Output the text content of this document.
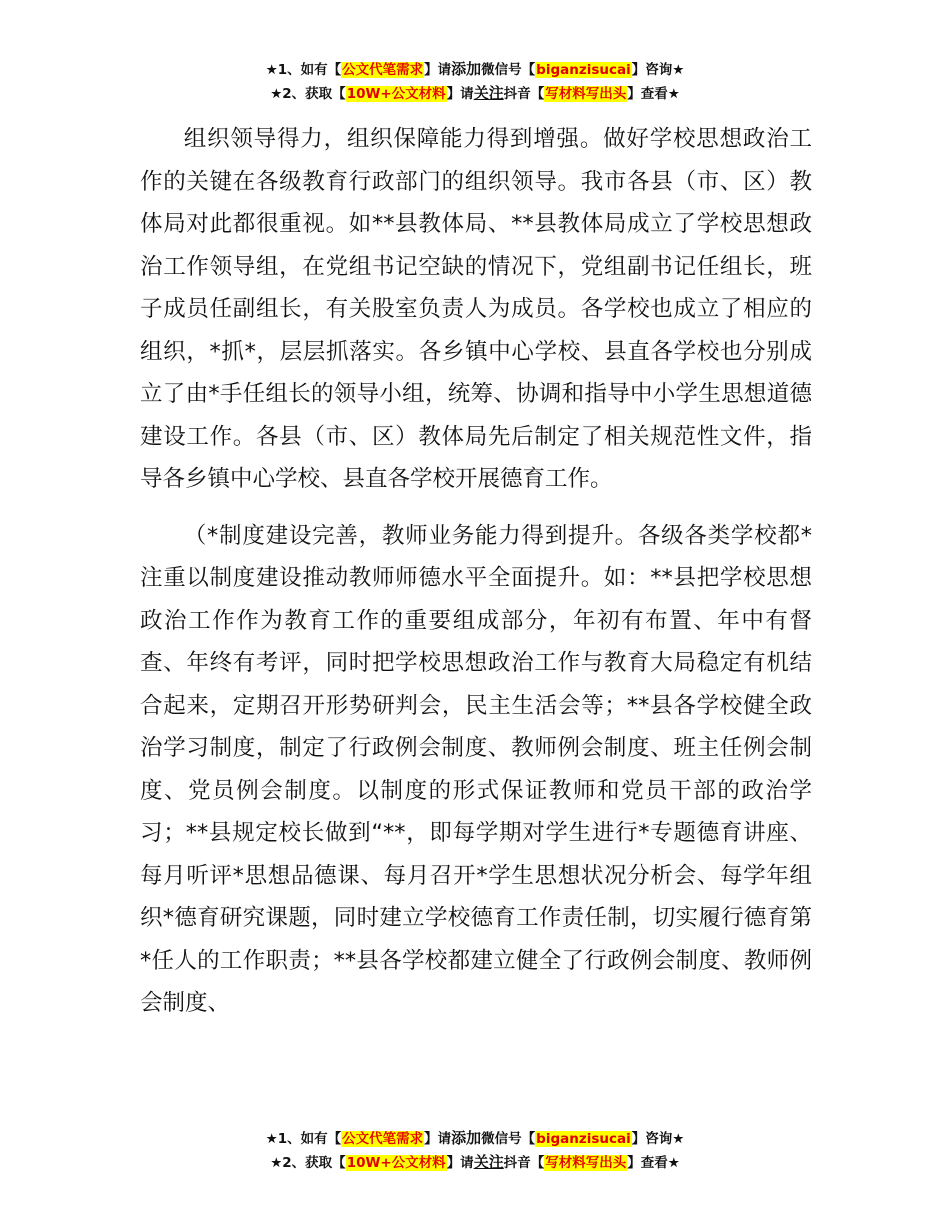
★1、如有【公文代笔需求】请添加微信号【biganzisucai】咨询★
★2、获取【10W+公文材料】请关注抖音【写材料写出头】查看★

组织领导得力，组织保障能力得到增强。做好学校思想政治工作的关键在各级教育行政部门的组织领导。我市各县（市、区）教体局对此都很重视。如**县教体局、**县教体局成立了学校思想政治工作领导组，在党组书记空缺的情况下，党组副书记任组长，班子成员任副组长，有关股室负责人为成员。各学校也成立了相应的组织，*抓*，层层抓落实。各乡镇中心学校、县直各学校也分别成立了由*手任组长的领导小组，统筹、协调和指导中小学生思想道德建设工作。各县（市、区）教体局先后制定了相关规范性文件，指导各乡镇中心学校、县直各学校开展德育工作。

（*制度建设完善，教师业务能力得到提升。各级各类学校都*注重以制度建设推动教师师德水平全面提升。如：**县把学校思想政治工作作为教育工作的重要组成部分，年初有布置、年中有督查、年终有考评，同时把学校思想政治工作与教育大局稳定有机结合起来，定期召开形势研判会，民主生活会等；**县各学校健全政治学习制度，制定了行政例会制度、教师例会制度、班主任例会制度、党员例会制度。以制度的形式保证教师和党员干部的政治学习；**县规定校长做到“**，即每学期对学生进行*专题德育讲座、每月听评*思想品德课、每月召开*学生思想状况分析会、每学年组织*德育研究课题，同时建立学校德育工作责任制，切实履行德育第*任人的工作职责；**县各学校都建立健全了行政例会制度、教师例会制度、

★1、如有【公文代笔需求】请添加微信号【biganzisucai】咨询★
★2、获取【10W+公文材料】请关注抖音【写材料写出头】查看★
